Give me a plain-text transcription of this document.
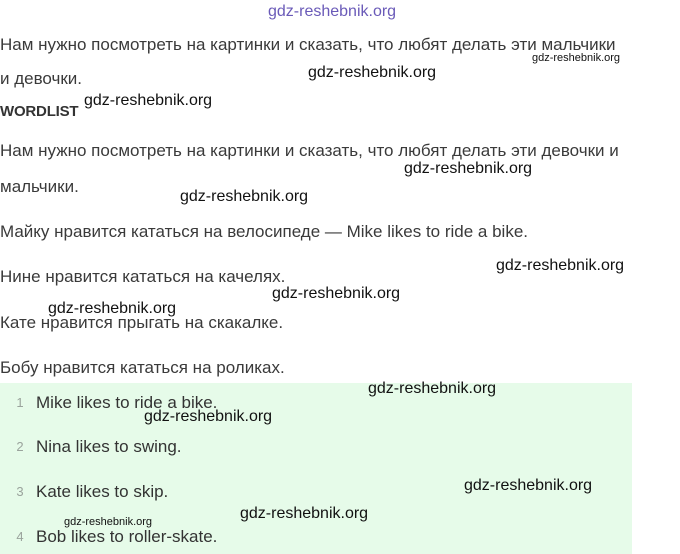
Нам нужно посмотреть на картинки и сказать, что любят делать эти мальчики

и девочки.

WORDLIST

Нам нужно посмотреть на картинки и сказать, что любят делать эти девочки и

мальчики.

Майку нравится кататься на велосипеде — Mike likes to ride a bike.

Нине нравится кататься на качелях.

Кате нравится прыгать на скакалке.

Бобу нравится кататься на роликах.

1 Mike likes to ride a bike.
2 Nina likes to swing.
3 Kate likes to skip.
4 Bob likes to roller-skate.
gdz-reshebnik.org
gdz-reshebnik.org
gdz-reshebnik.org
gdz-reshebnik.org
gdz-reshebnik.org
gdz-reshebnik.org
gdz-reshebnik.org
gdz-reshebnik.org
gdz-reshebnik.org
gdz-reshebnik.org
gdz-reshebnik.org
gdz-reshebnik.org
gdz-reshebnik.org
gdz-reshebnik.org
